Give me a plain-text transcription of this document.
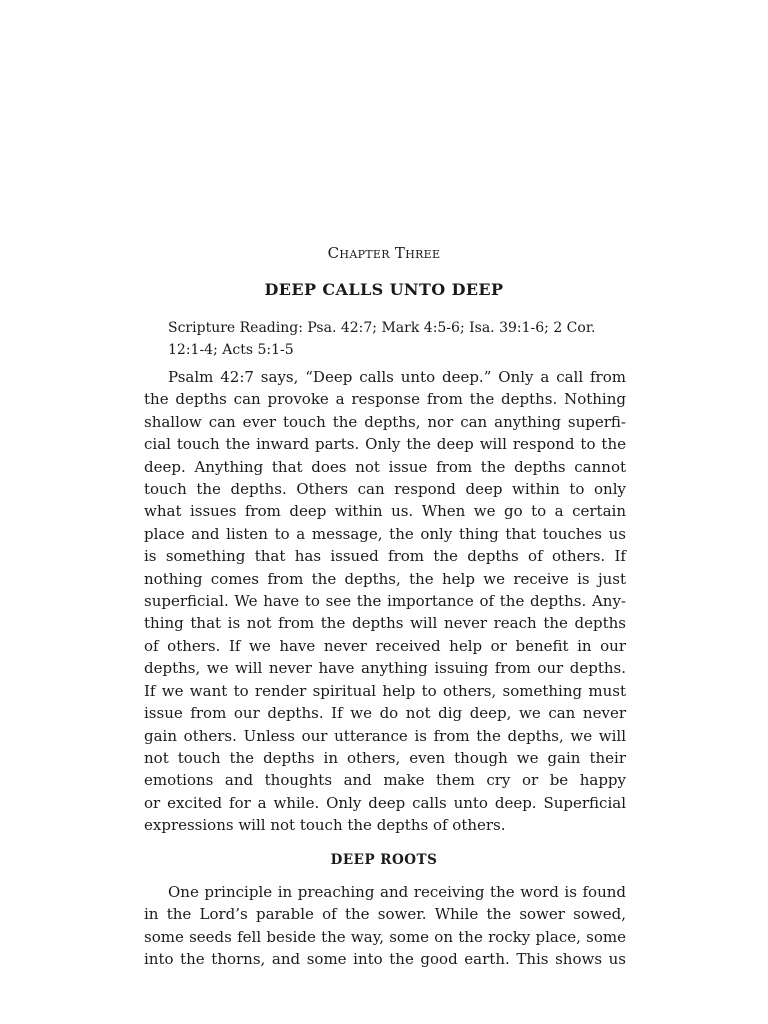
Chapter Three
DEEP CALLS UNTO DEEP
Scripture Reading: Psa. 42:7; Mark 4:5-6; Isa. 39:1-6; 2 Cor.
12:1-4; Acts 5:1-5

Psalm 42:7 says, “Deep calls unto deep.” Only a call from
the depths can provoke a response from the depths. Nothing
shallow can ever touch the depths, nor can anything superfi-
cial touch the inward parts. Only the deep will respond to the
deep. Anything that does not issue from the depths cannot
touch the depths. Others can respond deep within to only
what issues from deep within us. When we go to a certain
place and listen to a message, the only thing that touches us
is something that has issued from the depths of others. If
nothing comes from the depths, the help we receive is just
superficial. We have to see the importance of the depths. Any-
thing that is not from the depths will never reach the depths
of others. If we have never received help or benefit in our
depths, we will never have anything issuing from our depths.
If we want to render spiritual help to others, something must
issue from our depths. If we do not dig deep, we can never
gain others. Unless our utterance is from the depths, we will
not touch the depths in others, even though we gain their
emotions and thoughts and make them cry or be happy
or excited for a while. Only deep calls unto deep. Superficial
expressions will not touch the depths of others.

DEEP ROOTS

One principle in preaching and receiving the word is found
in the Lord’s parable of the sower. While the sower sowed,
some seeds fell beside the way, some on the rocky place, some
into the thorns, and some into the good earth. This shows us
